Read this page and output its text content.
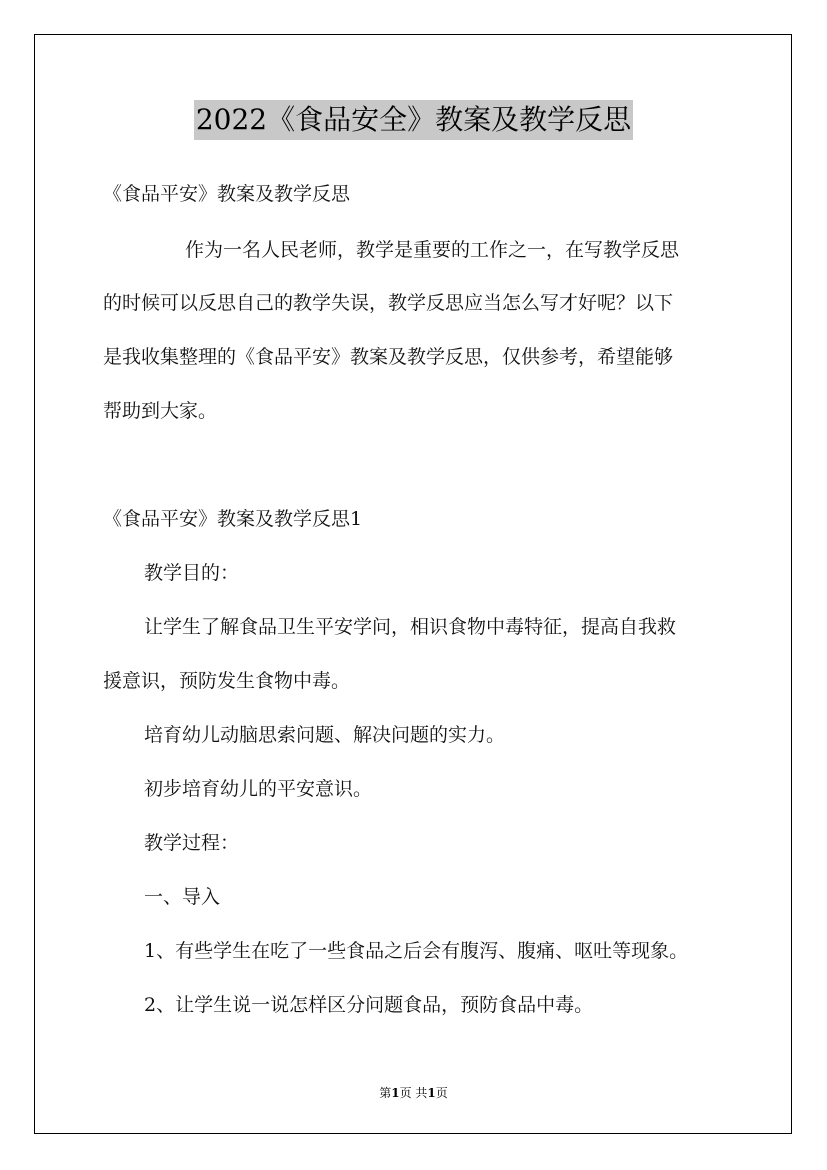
2022《食品安全》教案及教学反思
《食品平安》教案及教学反思
作为一名人民老师，教学是重要的工作之一，在写教学反思
的时候可以反思自己的教学失误，教学反思应当怎么写才好呢？以下
是我收集整理的《食品平安》教案及教学反思，仅供参考，希望能够
帮助到大家。
《食品平安》教案及教学反思1
教学目的：
让学生了解食品卫生平安学问，相识食物中毒特征，提高自我救
援意识，预防发生食物中毒。
培育幼儿动脑思索问题、解决问题的实力。
初步培育幼儿的平安意识。
教学过程：
一、导入
1、有些学生在吃了一些食品之后会有腹泻、腹痛、呕吐等现象。
2、让学生说一说怎样区分问题食品，预防食品中毒。
第1页 共1页
